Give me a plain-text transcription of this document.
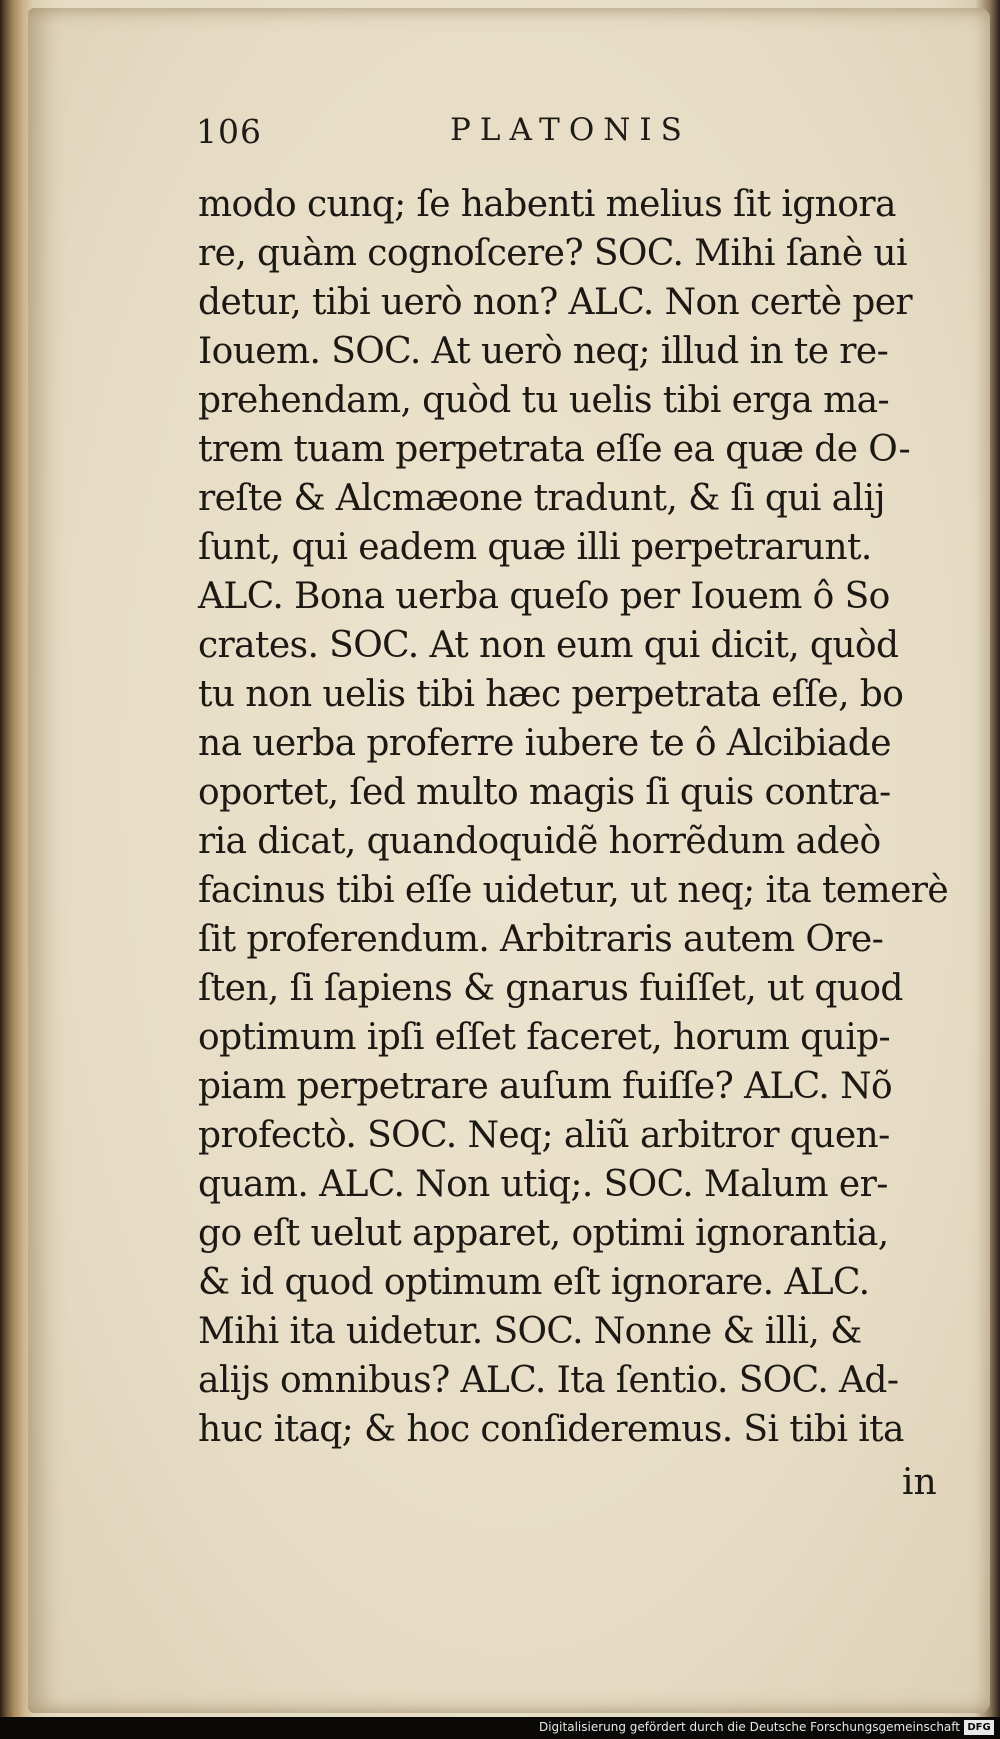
106	PLATONIS
modo cunq; ſe habenti melius ſit ignora
re, quàm cognoſcere? SOC. Mihi ſanè ui
detur, tibi uerò non? ALC. Non certè per
Iouem. SOC. At uerò neq; illud in te re-
prehendam, quòd tu uelis tibi erga ma-
trem tuam perpetrata eſſe ea quæ de O-
reſte & Alcmæone tradunt, & ſi qui alij
ſunt, qui eadem quæ illi perpetrarunt.
ALC. Bona uerba queſo per Iouem ô So
crates. SOC. At non eum qui dicit, quòd
tu non uelis tibi hæc perpetrata eſſe, bo
na uerba proferre iubere te ô Alcibiade
oportet, ſed multo magis ſi quis contra-
ria dicat, quandoquidẽ horrẽdum adeò
facinus tibi eſſe uidetur, ut neq; ita temerè
ſit proferendum. Arbitraris autem Ore-
ſten, ſi ſapiens & gnarus fuiſſet, ut quod
optimum ipſi eſſet faceret, horum quip-
piam perpetrare auſum fuiſſe? ALC. Nõ
profectò. SOC. Neq; aliũ arbitror quen-
quam. ALC. Non utiq;. SOC. Malum er-
go eſt uelut apparet, optimi ignorantia,
& id quod optimum eſt ignorare. ALC.
Mihi ita uidetur. SOC. Nonne & illi, &
alijs omnibus? ALC. Ita ſentio. SOC. Ad-
huc itaq; & hoc conſideremus. Si tibi ita
in
Digitalisierung gefördert durch die Deutsche Forschungsgemeinschaft DFG
